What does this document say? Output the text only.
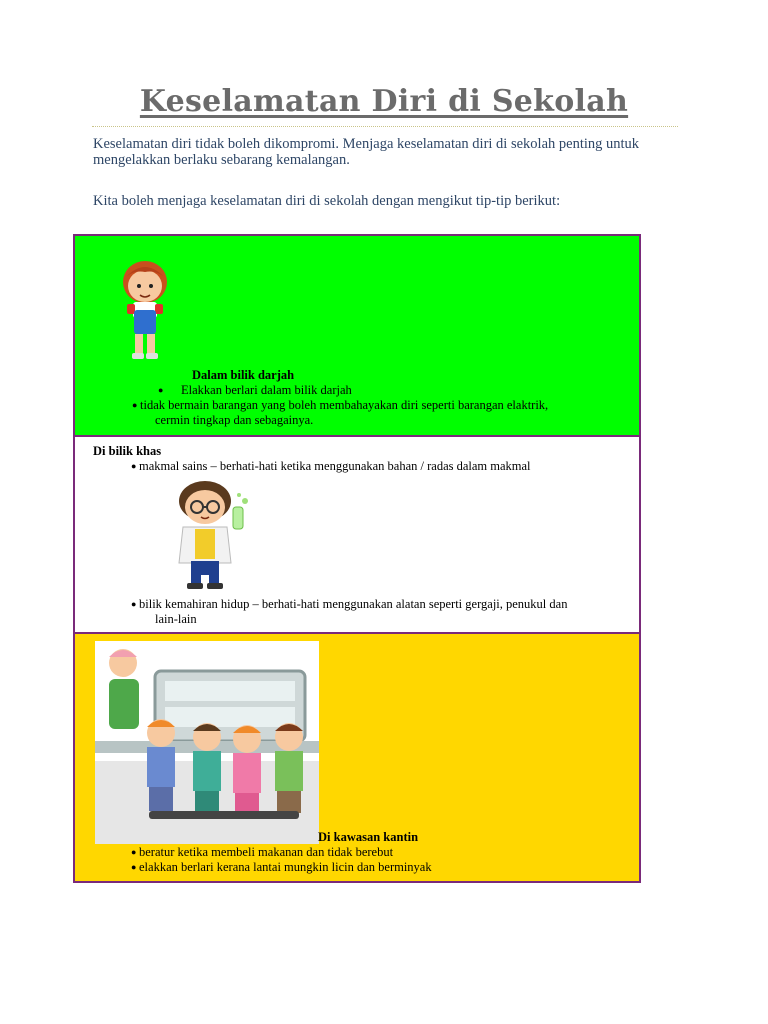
Keselamatan Diri di Sekolah

Keselamatan diri tidak boleh dikompromi. Menjaga keselamatan diri di sekolah penting untuk mengelakkan berlaku sebarang kemalangan.

Kita boleh menjaga keselamatan diri di sekolah dengan mengikut tip-tip berikut:

Dalam bilik darjah

● Elakkan berlari dalam bilik darjah

● tidak bermain barangan yang boleh membahayakan diri seperti barangan elaktrik,

cermin tingkap dan sebagainya.

Di bilik khas

● makmal sains – berhati-hati ketika menggunakan bahan / radas dalam makmal

● bilik kemahiran hidup – berhati-hati menggunakan alatan seperti gergaji, penukul dan

lain-lain

Di kawasan kantin

● beratur ketika membeli makanan dan tidak berebut

● elakkan berlari kerana lantai mungkin licin dan berminyak
